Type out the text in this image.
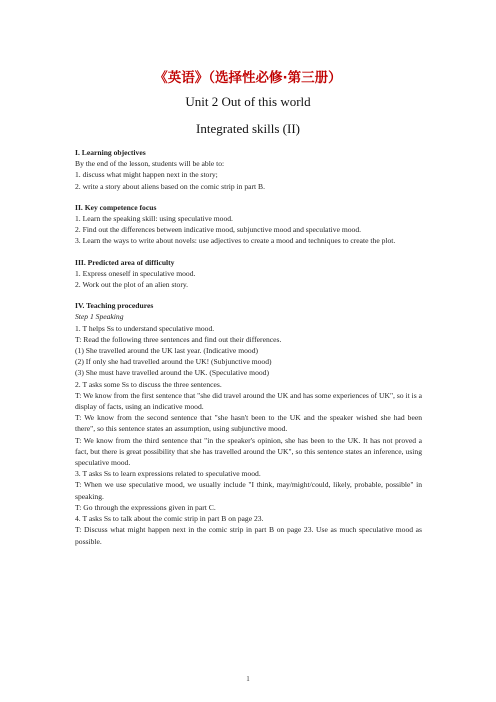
《英语》（选择性必修·第三册）
Unit 2 Out of this world
Integrated skills (II)
I. Learning objectives
By the end of the lesson, students will be able to:
1. discuss what might happen next in the story;
2. write a story about aliens based on the comic strip in part B.
II. Key competence focus
1. Learn the speaking skill: using speculative mood.
2. Find out the differences between indicative mood, subjunctive mood and speculative mood.
3. Learn the ways to write about novels: use adjectives to create a mood and techniques to create the plot.
III. Predicted area of difficulty
1. Express oneself in speculative mood.
2. Work out the plot of an alien story.
IV. Teaching procedures
Step 1 Speaking
1. T helps Ss to understand speculative mood.
T: Read the following three sentences and find out their differences.
(1) She travelled around the UK last year. (Indicative mood)
(2) If only she had travelled around the UK! (Subjunctive mood)
(3) She must have travelled around the UK. (Speculative mood)
2. T asks some Ss to discuss the three sentences.
T: We know from the first sentence that "she did travel around the UK and has some experiences of UK", so it is a display of facts, using an indicative mood.
T: We know from the second sentence that "she hasn't been to the UK and the speaker wished she had been there", so this sentence states an assumption, using subjunctive mood.
T: We know from the third sentence that "in the speaker's opinion, she has been to the UK. It has not proved a fact, but there is great possibility that she has travelled around the UK", so this sentence states an inference, using speculative mood.
3. T asks Ss to learn expressions related to speculative mood.
T: When we use speculative mood, we usually include "I think, may/might/could, likely, probable, possible" in speaking.
T: Go through the expressions given in part C.
4. T asks Ss to talk about the comic strip in part B on page 23.
T: Discuss what might happen next in the comic strip in part B on page 23. Use as much speculative mood as possible.
1
